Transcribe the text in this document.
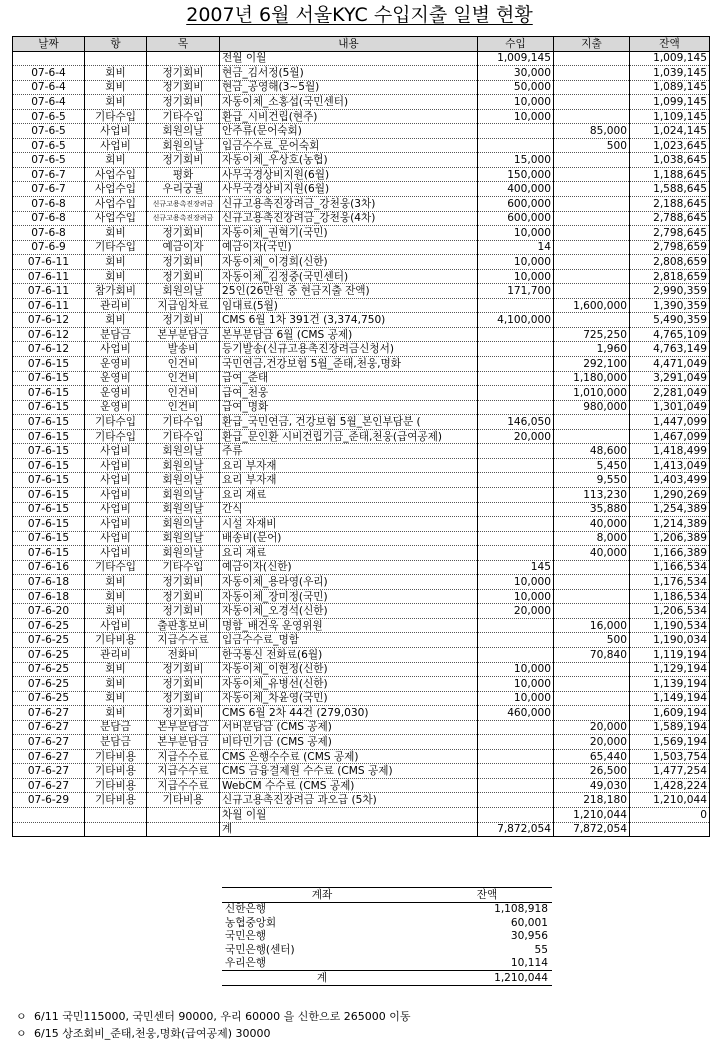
2007년 6월 서울KYC 수입지출 일별 현황
날짜	항	목	내용	수입	지출	잔액
			전월 이월	1,009,145		1,009,145
07-6-4	회비	정기회비	현금_김서정(5월)	30,000		1,039,145
07-6-4	회비	정기회비	현금_공영해(3~5월)	50,000		1,089,145
07-6-4	회비	정기회비	자동이체_소홍섭(국민센터)	10,000		1,099,145
07-6-5	기타수입	기타수입	환급_시비건립(현주)	10,000		1,109,145
07-6-5	사업비	회원의날	안주류(문어숙회)		85,000	1,024,145
07-6-5	사업비	회원의날	입금수수료_문어숙회		500	1,023,645
07-6-5	회비	정기회비	자동이체_우상호(농협)	15,000		1,038,645
07-6-7	사업수입	평화	사무국경상비지원(6월)	150,000		1,188,645
07-6-7	사업수입	우리궁궐	사무국경상비지원(6월)	400,000		1,588,645
07-6-8	사업수입	신규고용촉진장려금	신규고용촉진장려금_강천웅(3차)	600,000		2,188,645
07-6-8	사업수입	신규고용촉진장려금	신규고용촉진장려금_강천웅(4차)	600,000		2,788,645
07-6-8	회비	정기회비	자동이체_권혁기(국민)	10,000		2,798,645
07-6-9	기타수입	예금이자	예금이자(국민)	14		2,798,659
07-6-11	회비	정기회비	자동이체_이경희(신한)	10,000		2,808,659
07-6-11	회비	정기회비	자동이체_김정중(국민센터)	10,000		2,818,659
07-6-11	참가회비	회원의날	25인(26만원 중 현금지출 잔액)	171,700		2,990,359
07-6-11	관리비	지급임차료	임대료(5월)		1,600,000	1,390,359
07-6-12	회비	정기회비	CMS 6월 1차 391건 (3,374,750)	4,100,000		5,490,359
07-6-12	분담금	본부분담금	본부분담금 6월 (CMS 공제)		725,250	4,765,109
07-6-12	사업비	발송비	등기발송(신규고용촉진장려금신청서)		1,960	4,763,149
07-6-15	운영비	인건비	국민연금,건강보험 5월_준태,천웅,명화		292,100	4,471,049
07-6-15	운영비	인건비	급여_준태		1,180,000	3,291,049
07-6-15	운영비	인건비	급여_천웅		1,010,000	2,281,049
07-6-15	운영비	인건비	급여_명화		980,000	1,301,049
07-6-15	기타수입	기타수입	환급_국민연금, 건강보험 5월_본인부담분 (	146,050		1,447,099
07-6-15	기타수입	기타수입	환급_문인환 시비건립기금_준태,천웅(급여공제)	20,000		1,467,099
07-6-15	사업비	회원의날	주류		48,600	1,418,499
07-6-15	사업비	회원의날	요리 부자재		5,450	1,413,049
07-6-15	사업비	회원의날	요리 부자재		9,550	1,403,499
07-6-15	사업비	회원의날	요리 재료		113,230	1,290,269
07-6-15	사업비	회원의날	간식		35,880	1,254,389
07-6-15	사업비	회원의날	시설 자재비		40,000	1,214,389
07-6-15	사업비	회원의날	배송비(문어)		8,000	1,206,389
07-6-15	사업비	회원의날	요리 재료		40,000	1,166,389
07-6-16	기타수입	기타수입	예금이자(신한)	145		1,166,534
07-6-18	회비	정기회비	자동이체_용라영(우리)	10,000		1,176,534
07-6-18	회비	정기회비	자동이체_장미정(국민)	10,000		1,186,534
07-6-20	회비	정기회비	자동이체_오경석(신한)	20,000		1,206,534
07-6-25	사업비	출판홍보비	명함_배건욱 운영위원		16,000	1,190,534
07-6-25	기타비용	지급수수료	입금수수료_명함		500	1,190,034
07-6-25	관리비	전화비	한국통신 전화료(6월)		70,840	1,119,194
07-6-25	회비	정기회비	자동이체_이현정(신한)	10,000		1,129,194
07-6-25	회비	정기회비	자동이체_유병선(신한)	10,000		1,139,194
07-6-25	회비	정기회비	자동이체_차윤영(국민)	10,000		1,149,194
07-6-27	회비	정기회비	CMS 6월 2차 44건 (279,030)	460,000		1,609,194
07-6-27	분담금	본부분담금	서버분담금 (CMS 공제)		20,000	1,589,194
07-6-27	분담금	본부분담금	비타민기금 (CMS 공제)		20,000	1,569,194
07-6-27	기타비용	지급수수료	CMS 은행수수료 (CMS 공제)		65,440	1,503,754
07-6-27	기타비용	지급수수료	CMS 금융결제원 수수료 (CMS 공제)		26,500	1,477,254
07-6-27	기타비용	지급수수료	WebCM 수수료 (CMS 공제)		49,030	1,428,224
07-6-29	기타비용	기타비용	신규고용촉진장려금 과오급 (5차)		218,180	1,210,044
			차월 이월		1,210,044	0
			계	7,872,054	7,872,054	
계좌	잔액
신한은행	1,108,918
농협중앙회	60,001
국민은행	30,956
국민은행(센터)	55
우리은행	10,114
계	1,210,044
ㅇ 6/11 국민115000, 국민센터 90000, 우리 60000 을 신한으로 265000 이동
ㅇ 6/15 상조회비_준태,천웅,명화(급여공제) 30000
